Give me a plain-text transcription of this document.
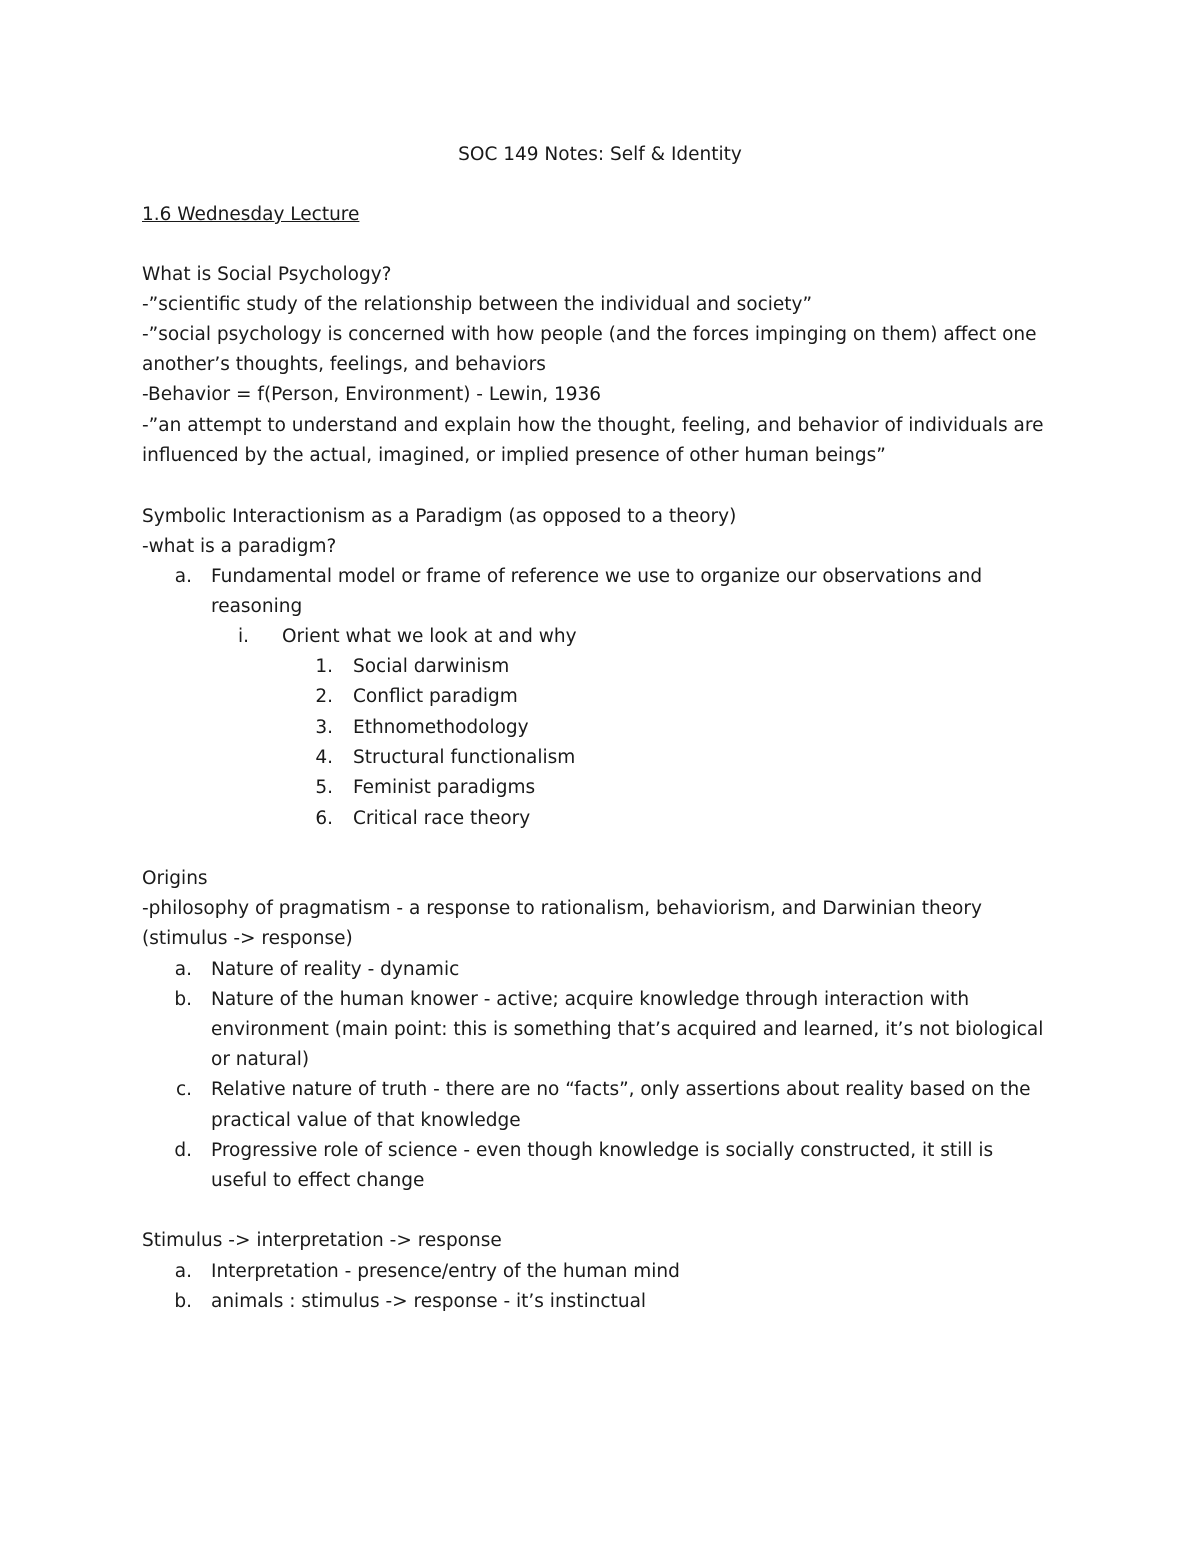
SOC 149 Notes: Self & Identity
1.6 Wednesday Lecture
What is Social Psychology?
-”scientific study of the relationship between the individual and society”
-”social psychology is concerned with how people (and the forces impinging on them) affect one
another’s thoughts, feelings, and behaviors
-Behavior = f(Person, Environment) - Lewin, 1936
-”an attempt to understand and explain how the thought, feeling, and behavior of individuals are
influenced by the actual, imagined, or implied presence of other human beings”
Symbolic Interactionism as a Paradigm (as opposed to a theory)
-what is a paradigm?
a. Fundamental model or frame of reference we use to organize our observations and
reasoning
i. Orient what we look at and why
1. Social darwinism
2. Conflict paradigm
3. Ethnomethodology
4. Structural functionalism
5. Feminist paradigms
6. Critical race theory
Origins
-philosophy of pragmatism - a response to rationalism, behaviorism, and Darwinian theory
(stimulus -> response)
a. Nature of reality - dynamic
b. Nature of the human knower - active; acquire knowledge through interaction with
environment (main point: this is something that’s acquired and learned, it’s not biological
or natural)
c. Relative nature of truth - there are no “facts”, only assertions about reality based on the
practical value of that knowledge
d. Progressive role of science - even though knowledge is socially constructed, it still is
useful to effect change
Stimulus -> interpretation -> response
a. Interpretation - presence/entry of the human mind
b. animals : stimulus -> response - it’s instinctual
